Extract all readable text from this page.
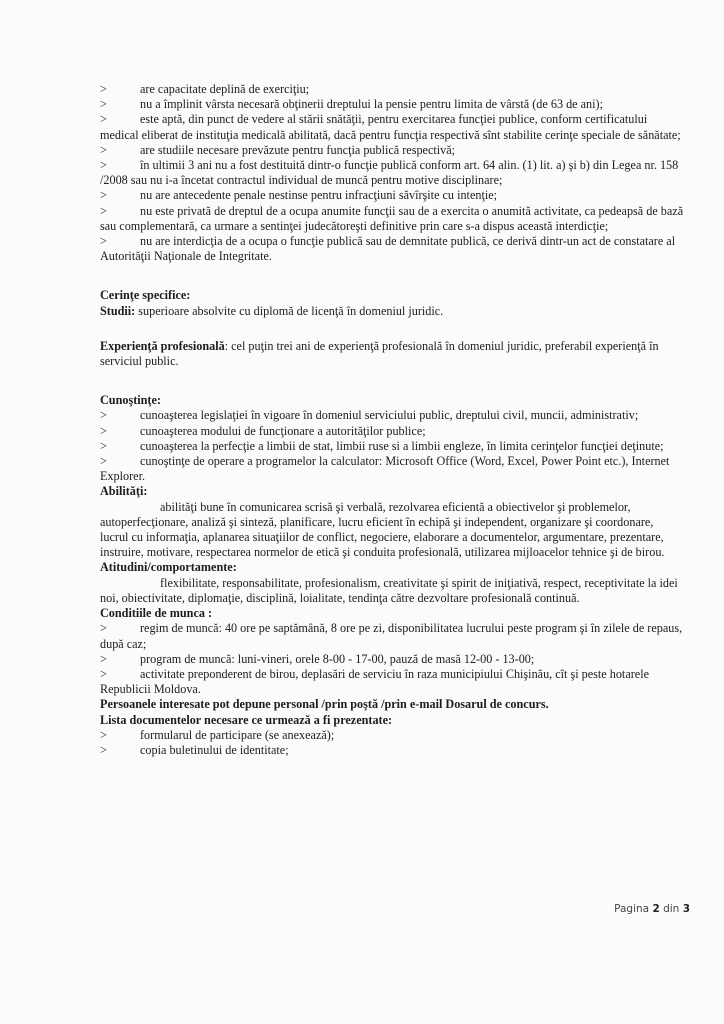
>	are capacitate deplină de exerciţiu;

>	nu a împlinit vârsta necesară obţinerii dreptului la pensie pentru limita de vârstă (de 63 de ani);

>	este aptă, din punct de vedere al stării snătăţii, pentru exercitarea funcţiei publice, conform certificatului medical eliberat de instituţia medicală abilitată, dacă pentru funcţia respectivă sînt stabilite cerinţe speciale de sănătate;

>	are studiile necesare prevăzute pentru funcţia publică respectivă;

>	în ultimii 3 ani nu a fost destituită dintr-o funcţie publică conform art. 64 alin. (1) lit. a) şi b) din Legea nr. 158 /2008 sau nu i-a încetat contractul individual de muncă pentru motive disciplinare;

>	nu are antecedente penale nestinse pentru infracţiuni săvîrşite cu intenţie;

>	nu este privată de dreptul de a ocupa anumite funcţii sau de a exercita o anumită activitate, ca pedeapsă de bază sau complementară, ca urmare a sentinţei judecătoreşti definitive prin care s-a dispus această interdicţie;

>	nu are interdicţia de a ocupa o funcţie publică sau de demnitate publică, ce derivă dintr-un act de constatare al Autorităţii Naţionale de Integritate.

Cerinţe specifice:

Studii: superioare absolvite cu diplomă de licenţă în domeniul juridic.

Experienţă profesională: cel puţin trei ani de experienţă profesională în domeniul juridic, preferabil experienţă în serviciul public.

Cunoştinţe:

>	cunoaşterea legislaţiei în vigoare în domeniul serviciului public, dreptului civil, muncii, administrativ;

>	cunoaşterea modului de funcţionare a autorităţilor publice;

>	cunoaşterea la perfecţie a limbii de stat, limbii ruse si a limbii engleze, în limita cerinţelor funcţiei deţinute;

>	cunoştinţe de operare a programelor la calculator: Microsoft Office (Word, Excel, Power Point etc.), Internet Explorer.

Abilităţi:

abilităţi bune în comunicarea scrisă şi verbală, rezolvarea eficientă a obiectivelor şi problemelor, autoperfecţionare, analiză şi sinteză, planificare, lucru eficient în echipă şi independent, organizare şi coordonare, lucrul cu informaţia, aplanarea situaţiilor de conflict, negociere, elaborare a documentelor, argumentare, prezentare, instruire, motivare, respectarea normelor de etică şi conduita profesională, utilizarea mijloacelor tehnice şi de birou.

Atitudini/comportamente:

flexibilitate, responsabilitate, profesionalism, creativitate şi spirit de iniţiativă, respect, receptivitate la idei noi, obiectivitate, diplomaţie, disciplină, loialitate, tendinţa către dezvoltare profesională continuă.

Conditiile de munca :

>	regim de muncă: 40 ore pe saptămână, 8 ore pe zi, disponibilitatea lucrului peste program şi în zilele de repaus, după caz;

>	program de muncă: luni-vineri, orele 8-00 - 17-00, pauză de masă 12-00 - 13-00;

>	activitate preponderent de birou, deplasări de serviciu în raza municipiului Chişinău, cît şi peste hotarele Republicii Moldova.

Persoanele interesate pot depune personal /prin poştă /prin e-mail Dosarul de concurs.

Lista documentelor necesare ce urmează a fi prezentate:

>	formularul de participare (se anexează);

>	copia buletinului de identitate;

Pagina 2 din 3
